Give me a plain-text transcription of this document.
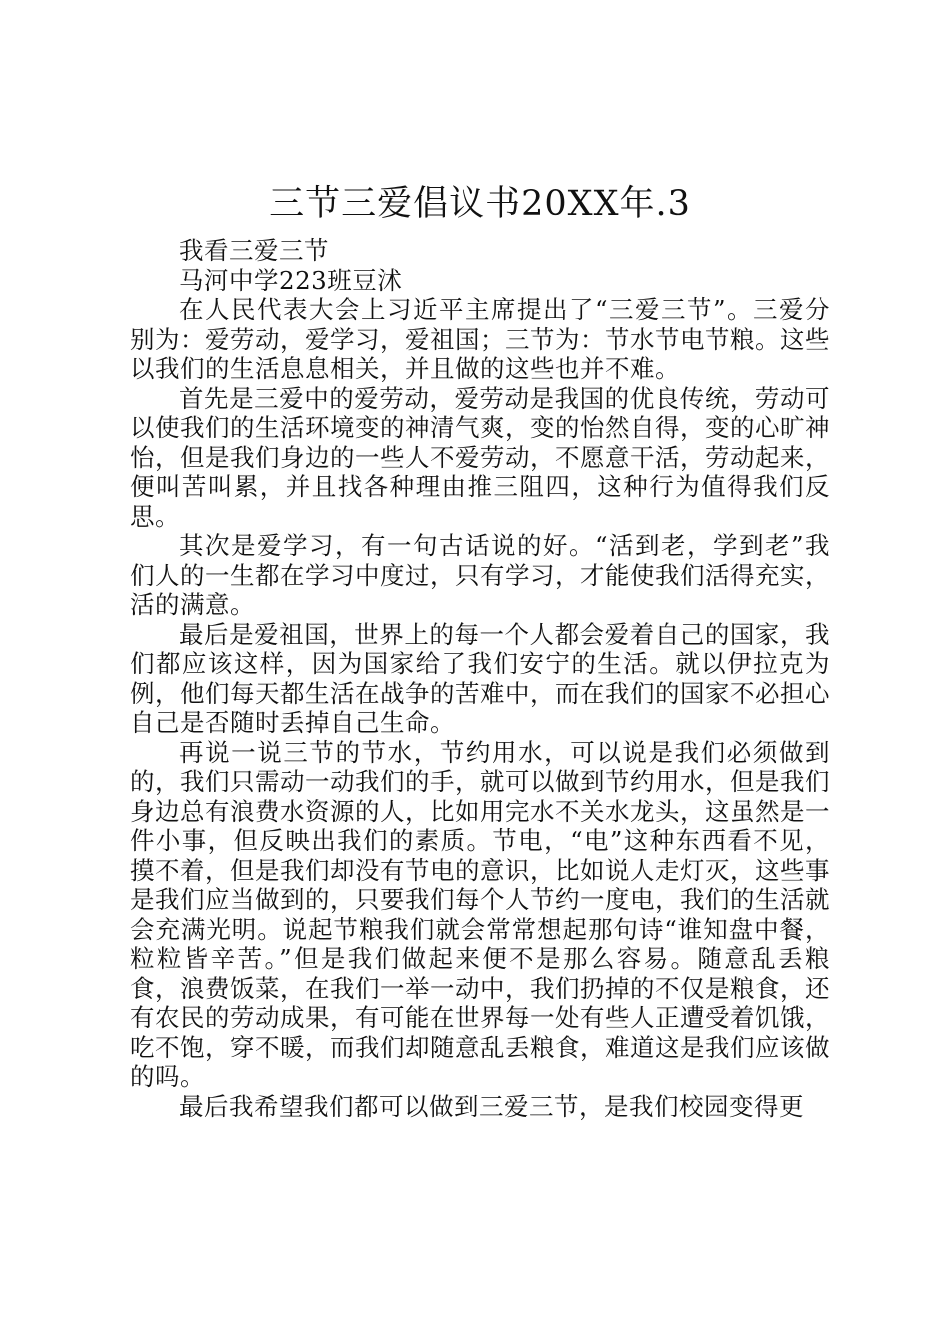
三节三爱倡议书20XX年.3

我看三爱三节

马河中学223班豆沭

在人民代表大会上习近平主席提出了“三爱三节”。三爱分别为：爱劳动，爱学习，爱祖国；三节为：节水节电节粮。这些以我们的生活息息相关，并且做的这些也并不难。

首先是三爱中的爱劳动，爱劳动是我国的优良传统，劳动可以使我们的生活环境变的神清气爽，变的怡然自得，变的心旷神怡，但是我们身边的一些人不爱劳动，不愿意干活，劳动起来，便叫苦叫累，并且找各种理由推三阻四，这种行为值得我们反思。

其次是爱学习，有一句古话说的好。“活到老，学到老”我们人的一生都在学习中度过，只有学习，才能使我们活得充实，活的满意。

最后是爱祖国，世界上的每一个人都会爱着自己的国家，我们都应该这样，因为国家给了我们安宁的生活。就以伊拉克为例，他们每天都生活在战争的苦难中，而在我们的国家不必担心自己是否随时丢掉自己生命。

再说一说三节的节水，节约用水，可以说是我们必须做到的，我们只需动一动我们的手，就可以做到节约用水，但是我们身边总有浪费水资源的人，比如用完水不关水龙头，这虽然是一件小事，但反映出我们的素质。节电，“电”这种东西看不见，摸不着，但是我们却没有节电的意识，比如说人走灯灭，这些事是我们应当做到的，只要我们每个人节约一度电，我们的生活就会充满光明。说起节粮我们就会常常想起那句诗“谁知盘中餐，粒粒皆辛苦。”但是我们做起来便不是那么容易。随意乱丢粮食，浪费饭菜，在我们一举一动中，我们扔掉的不仅是粮食，还有农民的劳动成果，有可能在世界每一处有些人正遭受着饥饿，吃不饱，穿不暖，而我们却随意乱丢粮食，难道这是我们应该做的吗。

最后我希望我们都可以做到三爱三节，是我们校园变得更
